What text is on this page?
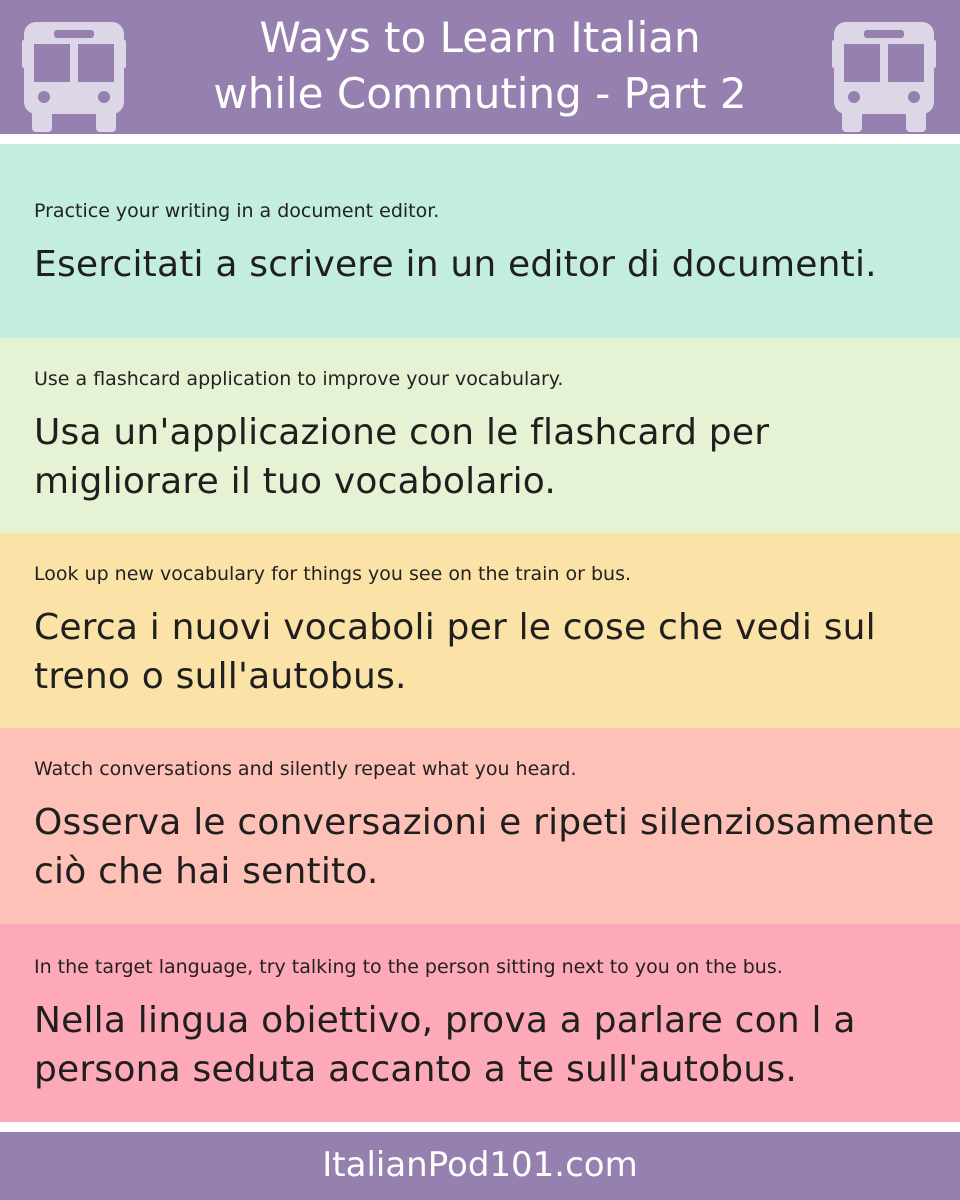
Ways to Learn Italian
while Commuting - Part 2
Practice your writing in a document editor.
Esercitati a scrivere in un editor di documenti.
Use a flashcard application to improve your vocabulary.
Usa un'applicazione con le flashcard per migliorare il tuo vocabolario.
Look up new vocabulary for things you see on the train or bus.
Cerca i nuovi vocaboli per le cose che vedi sul treno o sull'autobus.
Watch conversations and silently repeat what you heard.
Osserva le conversazioni e ripeti silenziosamente ciò che hai sentito.
In the target language, try talking to the person sitting next to you on the bus.
Nella lingua obiettivo, prova a parlare con l a persona seduta accanto a te sull'autobus.
ItalianPod101.com
